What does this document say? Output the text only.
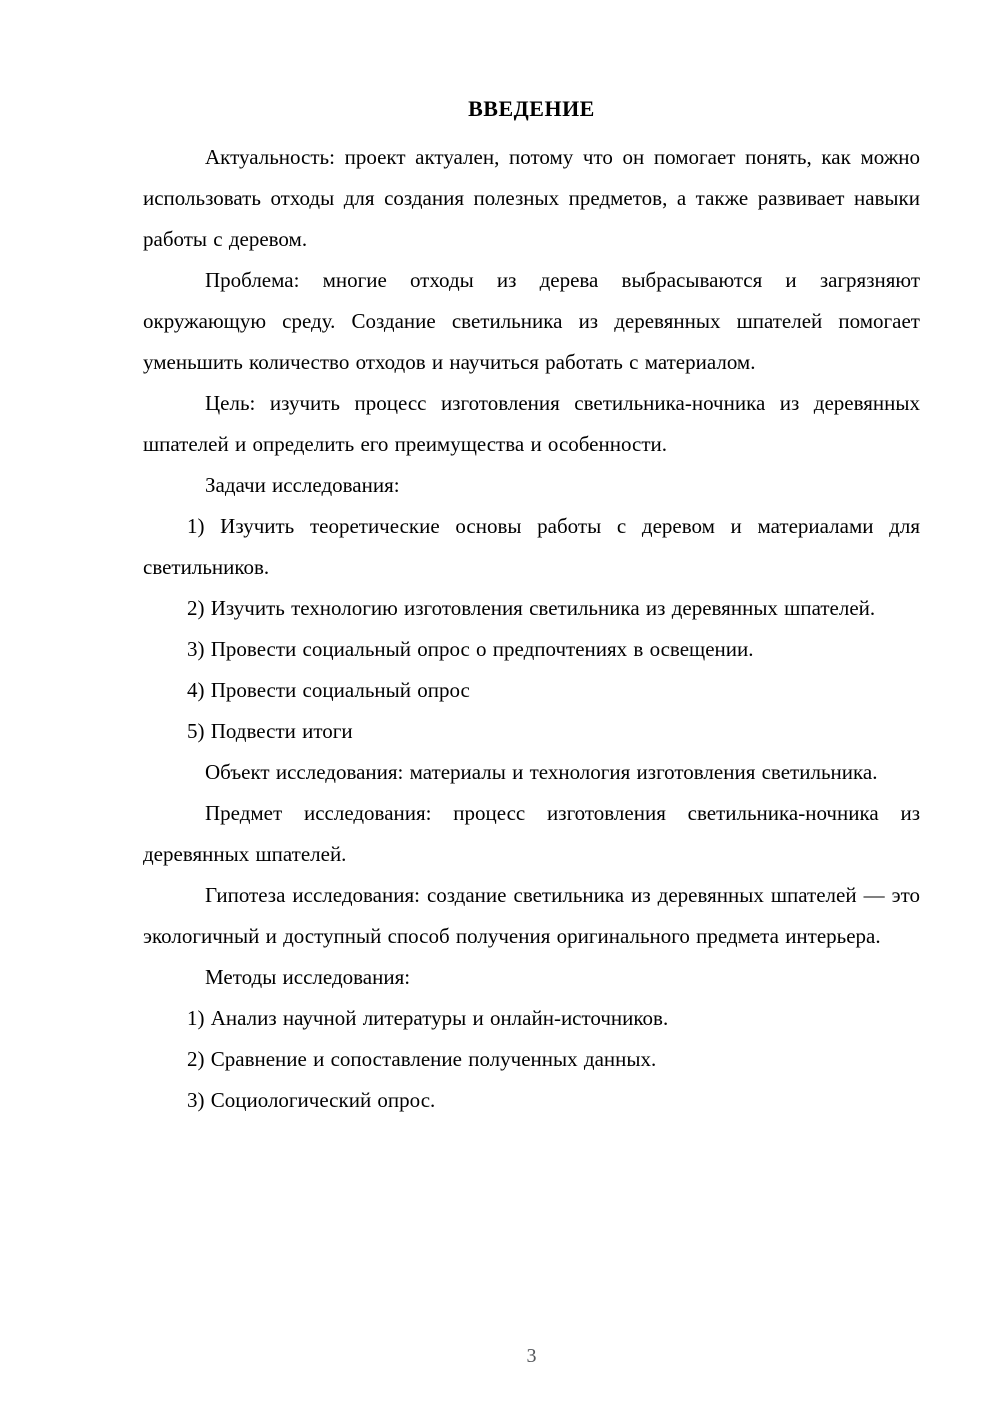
ВВЕДЕНИЕ

Актуальность: проект актуален, потому что он помогает понять, как можно использовать отходы для создания полезных предметов, а также развивает навыки работы с деревом.

Проблема: многие отходы из дерева выбрасываются и загрязняют окружающую среду. Создание светильника из деревянных шпателей помогает уменьшить количество отходов и научиться работать с материалом.

Цель: изучить процесс изготовления светильника-ночника из деревянных шпателей и определить его преимущества и особенности.

Задачи исследования:

1) Изучить теоретические основы работы с деревом и материалами для светильников.

2) Изучить технологию изготовления светильника из деревянных шпателей.

3) Провести социальный опрос о предпочтениях в освещении.

4) Провести социальный опрос

5) Подвести итоги

Объект исследования: материалы и технология изготовления светильника.

Предмет исследования: процесс изготовления светильника-ночника из деревянных шпателей.

Гипотеза исследования: создание светильника из деревянных шпателей — это экологичный и доступный способ получения оригинального предмета интерьера.

Методы исследования:

1) Анализ научной литературы и онлайн-источников.

2) Сравнение и сопоставление полученных данных.

3) Социологический опрос.

3
